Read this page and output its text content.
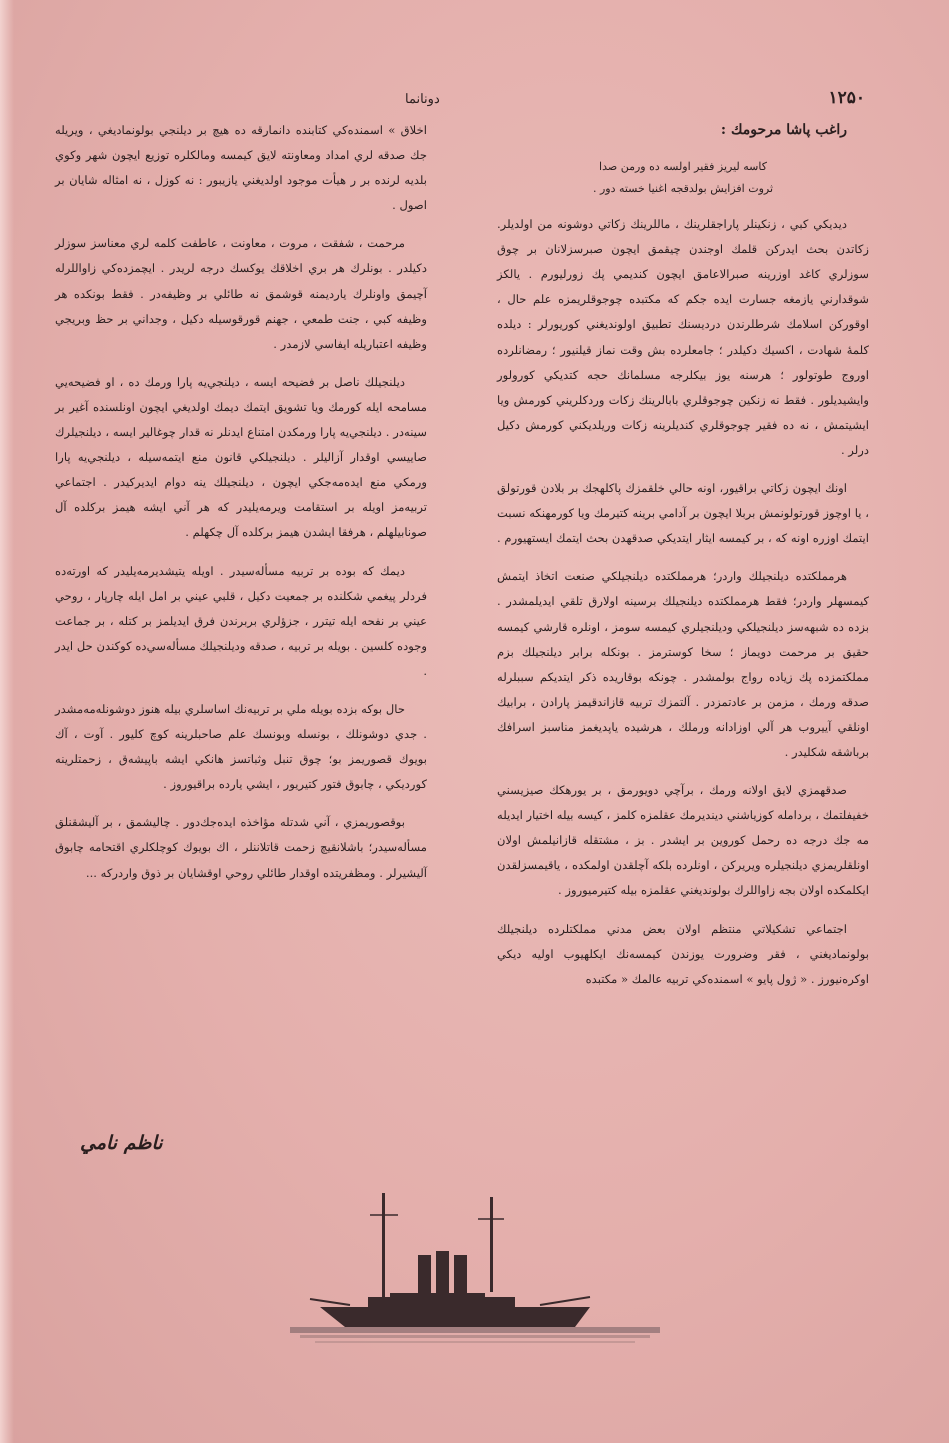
۱۲۵۰
دونانما

راغب پاشا مرحومك :

كاسه ليريز فقير اولسه ده ورمن صدا
ثروت افزايش بولدقجه اغنيا خسته دور .

ديديكي كبي ، زنكينلر پاراجقلرينك ، ماللرينك زكاتي دوشونه من اولديلر. زكاتدن بحث ايدركن قلمك اوجندن چيقمق ايچون صبرسزلانان بر چوق سوزلري كاغد اوزرينه صبرالاعامق ايچون كنديمي پك زورليورم . يالكز شوقدارني يازمغه جسارت ايده جكم كه مكتبده چوجوقلريمزه علم حال ، اوقوركن اسلامك شرطلرندن درديسنك تطبيق اولونديغني كوريورلر : ديلده كلمهٔ شهادت ، اكسيك دكيلدر ؛ جامعلرده بش وقت نماز قيلنيور ؛ رمضانلرده اوروج طوتولور ؛ هرسنه يوز بيكلرجه مسلمانك حجه كتديكي كورولور وايشيديلور . فقط نه زنكين چوجوقلري بابالرينك زكات وردكلريني كورمش ويا ايشيتمش ، نه ده فقير چوجوقلري كنديلرينه زكات وريلديكني كورمش دكيل درلر .

اونك ايچون زكاتي براقيور، اونه حالي خلقمزك پاكلهجك بر بلادن قورتولق ، يا اوچوز قورتولونمش بربلا ايچون بر آدامي برينه كتيرمك ويا كورمهنكه نسبت ايتمك اوزره اونه كه ، بر كيمسه ايثار ايتديكي صدقهدن بحث ايتمك ايستهيورم .

هرمملكتده ديلنجيلك واردر؛ هرمملكتده ديلنجيلكي صنعت اتخاذ ايتمش كيمسهلر واردر؛ فقط هرمملكتده ديلنجيلك برسينه اولارق تلقي ايديلمشدر . بزده ده شبهه‌سز ديلنجيلكي وديلنجيلري كيمسه سومز ، اونلره قارشي كيمسه حقيق بر مرحمت دويماز ؛ سخا كوسترمز . بونكله برابر ديلنجيلك بزم مملكتمزده پك زياده رواج بولمشدر . چونكه بوقاريده ذكر ايتديكم سببلرله صدقه ورمك ، مزمن بر عادتمزدر . آلتمزك تربيه قازاندقيمز پارادن ، برابيك اونلقي آييروب هر آلي اوزادانه ورملك ، هرشيده ياپديغمز مناسبز اسرافك برباشقه شكليدر .

صدقهمزي لايق اولانه ورمك ، برآچي دويورمق ، بر يورهكك صيزيسني خفيفلتمك ، بردامله كوزياشني دينديرمك عقلمزه كلمز ، كيسه بيله اختيار ايديله مه جك درجه ده رحمل كوروين بر ايشدر . بز ، مشتقله قازانيلمش اولان اونلقلريمزي ديلنجيلره ويريركن ، اونلرده بلكه آچلقدن اولمكده ، ياقيمسزلقدن ايكلمكده اولان بجه زاواللرك بولونديغني عقلمزه بيله كتيرميوروز .

اجتماعي تشكيلاتي منتظم اولان بعض مدني مملكتلرده ديلنجيلك بولونماديغني ، فقر وضرورت يوزندن كيمسه‌نك ايكلهيوب اوليه ديكي اوكره‌نيورز . « ژول پايو » اسمنده‌كي تربيه عالمك « مكتبده

اخلاق » اسمنده‌كي كتابنده دانمارقه ده هيچ بر ديلنجي بولونماديغي ، ويريله جك صدقه لري امداد ومعاونته لايق كيمسه ومالكلره توزيع ايچون شهر وكوي بلديه لرنده بر ر هيأت موجود اولديغني يازيبور : نه كوزل ، نه امثاله شايان بر اصول .

مرحمت ، شفقت ، مروت ، معاونت ، عاطفت كلمه لري معناسز سوزلر دكيلدر . بونلرك هر بري اخلاقك يوكسك درجه لريدر . ايچمزده‌كي زاواللرله آچيمق واونلرك يارديمنه قوشمق نه طائلي بر وظيفه‌در . فقط بونكده هر وظيفه كبي ، جنت طمعي ، جهنم قورقوسيله دكيل ، وجداني بر حظ وبريجي وظيفه اعتباريله ايفاسي لازمدر .

ديلنجيلك ناصل بر فضيحه ايسه ، ديلنجي‌يه پارا ورمك ده ، او فضيحه‌يي مسامحه ايله كورمك ويا تشويق ايتمك ديمك اولديغي ايچون اونلسنده آغير بر سينه‌در . ديلنجي‌يه پارا ورمكدن امتناع ايدنلر نه قدار چوغالير ايسه ، ديلنجيلرك صاييسي اوقدار آزاليلر . ديلنجيلكي قانون منع ايتمه‌سيله ، ديلنجي‌يه پارا ورمكي منع ايده‌مه‌جكي ايچون ، ديلنجيلك ينه دوام ايديركيدر . اجتماعي تربيه‌مز اويله بر استقامت ويرمه‌يليدر كه هر آني ايشه هيمز بركلده آل صونابيلهلم ، هرفقا ايشدن هيمز بركلده آل چكهلم .

ديمك كه بوده بر تربيه مسأله‌سيدر . اويله يتيشديرمه‌يليدر كه اورته‌ده فردلر پيغمي شكلنده بر جمعيت دكيل ، قلبي عيني بر امل ايله چارپار ، روحي عيني بر نفحه ايله تيترر ، جزؤلري بربرندن فرق ايديلمز بر كتله ، بر جماعت وجوده كلسين . بويله بر تربيه ، صدقه وديلنجيلك مسأله‌سي‌ده كوكندن حل ايدر .

حال بوكه بزده بويله ملي بر تربيه‌نك اساسلري بيله هنوز دوشونله‌مه‌مشدر . جدي دوشونلك ، بونسله وبونسك علم صاحبلرينه كوچ كليور . آوت ، آك بويوك قصوريمز بو؛ چوق تنبل وثباتسز هانكي ايشه باپيشه‌ق ، زحمتلرينه كورديكي ، چابوق فتور كتيريور ، ايشي يارده براقيوروز .

بوقصوريمزي ، آني شدتله مؤاخذه ايده‌جك‌دور . چاليشمق ، بر آليشقنلق مسأله‌سيدر؛ باشلانقيچ زحمت قاتلاننلر ، اك بويوك كوچلكلري اقتحامه چابوق آليشيرلر . ومظفريتده اوقدار طائلي روحي اوقشايان بر ذوق واردركه ...

ناظم نامي
